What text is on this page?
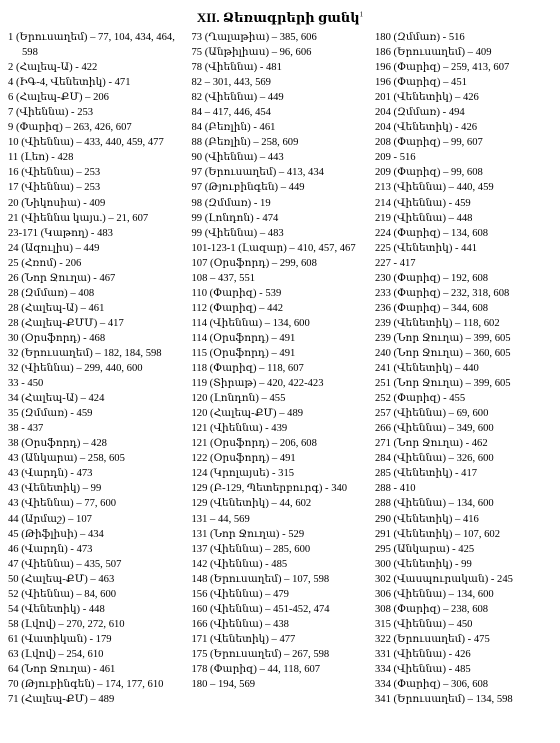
XII. Ձեռագրերի ցանկ$^1$
1 (Երուսաղեմ) – 77, 104, 434, 464, 598
2 (Հալեպ-Ա) - 422
4 (ԻԳ-4, Վենետիկ) - 471
6 (Հալեպ-ՔՄ) – 206
7 (Վիեննա) - 253
9 (Փարիզ) – 263, 426, 607
10 (Վիեննա) – 433, 440, 459, 477
11 (Լեո) - 428
16 (Վիեննա) – 253
17 (Վիեննա) – 253
20 (Նիկոսիա) - 409
21 (Վիեննա կայս.) – 21, 607
23-171 (Կաթող) - 483
24 (Ազուլիս) – 449
25 (Հռոմ) - 206
26 (Նոր Ջուղա) - 467
28 (Զմմառ) – 408
28 (Հալեպ-Ա) – 461
28 (Հալեպ-ՔՄՄ) – 417
30 (Օրսֆորդ) - 468
32 (Երուսաղեմ) – 182, 184, 598
32 (Վիեննա) – 299, 440, 600
33 - 450
34 (Հալեպ-Ա) – 424
35 (Զմմառ) - 459
38 - 437
38 (Օրսֆորդ) – 428
43 (Անկարա) – 258, 605
43 (Վարդն) - 473
43 (Վենետիկ) – 99
43 (Վիեննա) – 77, 600
44 (Արմաշ) – 107
45 (Թիֆլիսի) – 434
46 (Վարդն) - 473
47 (Վիեննա) – 435, 507
50 (Հալեպ-ՔՄ) – 463
52 (Վիեննա) – 84, 600
54 (Վենետիկ) - 448
58 (Լվով) – 270, 272, 610
61 (Վատիկան) - 179
63 (Լվով) – 254, 610
64 (Նոր Ջուղա) - 461
70 (Թյուբինգեն) – 174, 177, 610
71 (Հալեպ-ՔՄ) – 489
73 (Ղալաթիա) – 385, 606
75 (Անթիլիաս) – 96, 606
78 (Վիեննա) - 481
82 – 301, 443, 569
82 (Վիեննա) – 449
84 – 417, 446, 454
84 (Բեռլին) - 461
88 (Բեռլին) – 258, 609
90 (Վիեննա) – 443
97 (Երուսաղեմ) – 413, 434
97 (Թյուբինգեն) – 449
98 (Զմմառ) - 19
99 (Լոնդոն) - 474
99 (Վիեննա) – 483
101-123-1 (Լազար) – 410, 457, 467
107 (Օրսֆորդ) – 299, 608
108 – 437, 551
110 (Փարիզ) - 539
112 (Փարիզ) – 442
114 (Վիեննա) – 134, 600
114 (Օրսֆորդ) – 491
115 (Օրսֆորդ) – 491
118 (Փարիզ) – 118, 607
119 (Տիրաթ) – 420, 422-423
120 (Լոնդոն) – 455
120 (Հալեպ-ՔՄ) – 489
121 (Վիեննա) - 439
121 (Օրսֆորդ) – 206, 608
122 (Օրսֆորդ) – 491
124 (Կրոլայսե) - 315
129 (Բ-129, Պետերբուրգ) - 340
129 (Վենետիկ) – 44, 602
131 – 44, 569
131 (Նոր Ջուղա) - 529
137 (Վիեննա) – 285, 600
142 (Վիեննա) - 485
148 (Երուսաղեմ) – 107, 598
156 (Վիեննա) – 479
160 (Վիեննա) – 451-452, 474
166 (Վիեննա) – 438
171 (Վենետիկ) – 477
175 (Երուսաղեմ) – 267, 598
178 (Փարիզ) – 44, 118, 607
180 – 194, 569
180 (Զմմառ) - 516
186 (Երուսաղեմ) – 409
196 (Փարիզ) – 259, 413, 607
196 (Փարիզ) – 451
201 (Վենետիկ) – 426
204 (Զմմառ) - 494
204 (Վենետիկ) - 426
208 (Փարիզ) – 99, 607
209 - 516
209 (Փարիզ) – 99, 608
213 (Վիեննա) – 440, 459
214 (Վիեննա) - 459
219 (Վիեննա) – 448
224 (Փարիզ) – 134, 608
225 (Վենետիկ) - 441
227 - 417
230 (Փարիզ) – 192, 608
233 (Փարիզ) – 232, 318, 608
236 (Փարիզ) – 344, 608
239 (Վենետիկ) – 118, 602
239 (Նոր Ջուղա) – 399, 605
240 (Նոր Ջուղա) – 360, 605
241 (Վենետիկ) – 440
251 (Նոր Ջուղա) – 399, 605
252 (Փարիզ) - 455
257 (Վիեննա) – 69, 600
266 (Վիեննա) – 349, 600
271 (Նոր Ջուղա) - 462
284 (Վիեննա) – 326, 600
285 (Վենետիկ) - 417
288 - 410
288 (Վիեննա) – 134, 600
290 (Վենետիկ) – 416
291 (Վենետիկ) – 107, 602
295 (Անկարա) - 425
300 (Վենետիկ) - 99
302 (Վասպուրական) - 245
306 (Վիեննա) – 134, 600
308 (Փարիզ) – 238, 608
315 (Վիեննա) – 450
322 (Երուսաղեմ) - 475
331 (Վիեննա) - 426
334 (Վիեննա) - 485
334 (Փարիզ) – 306, 608
341 (Երուսաղեմ) – 134, 598
